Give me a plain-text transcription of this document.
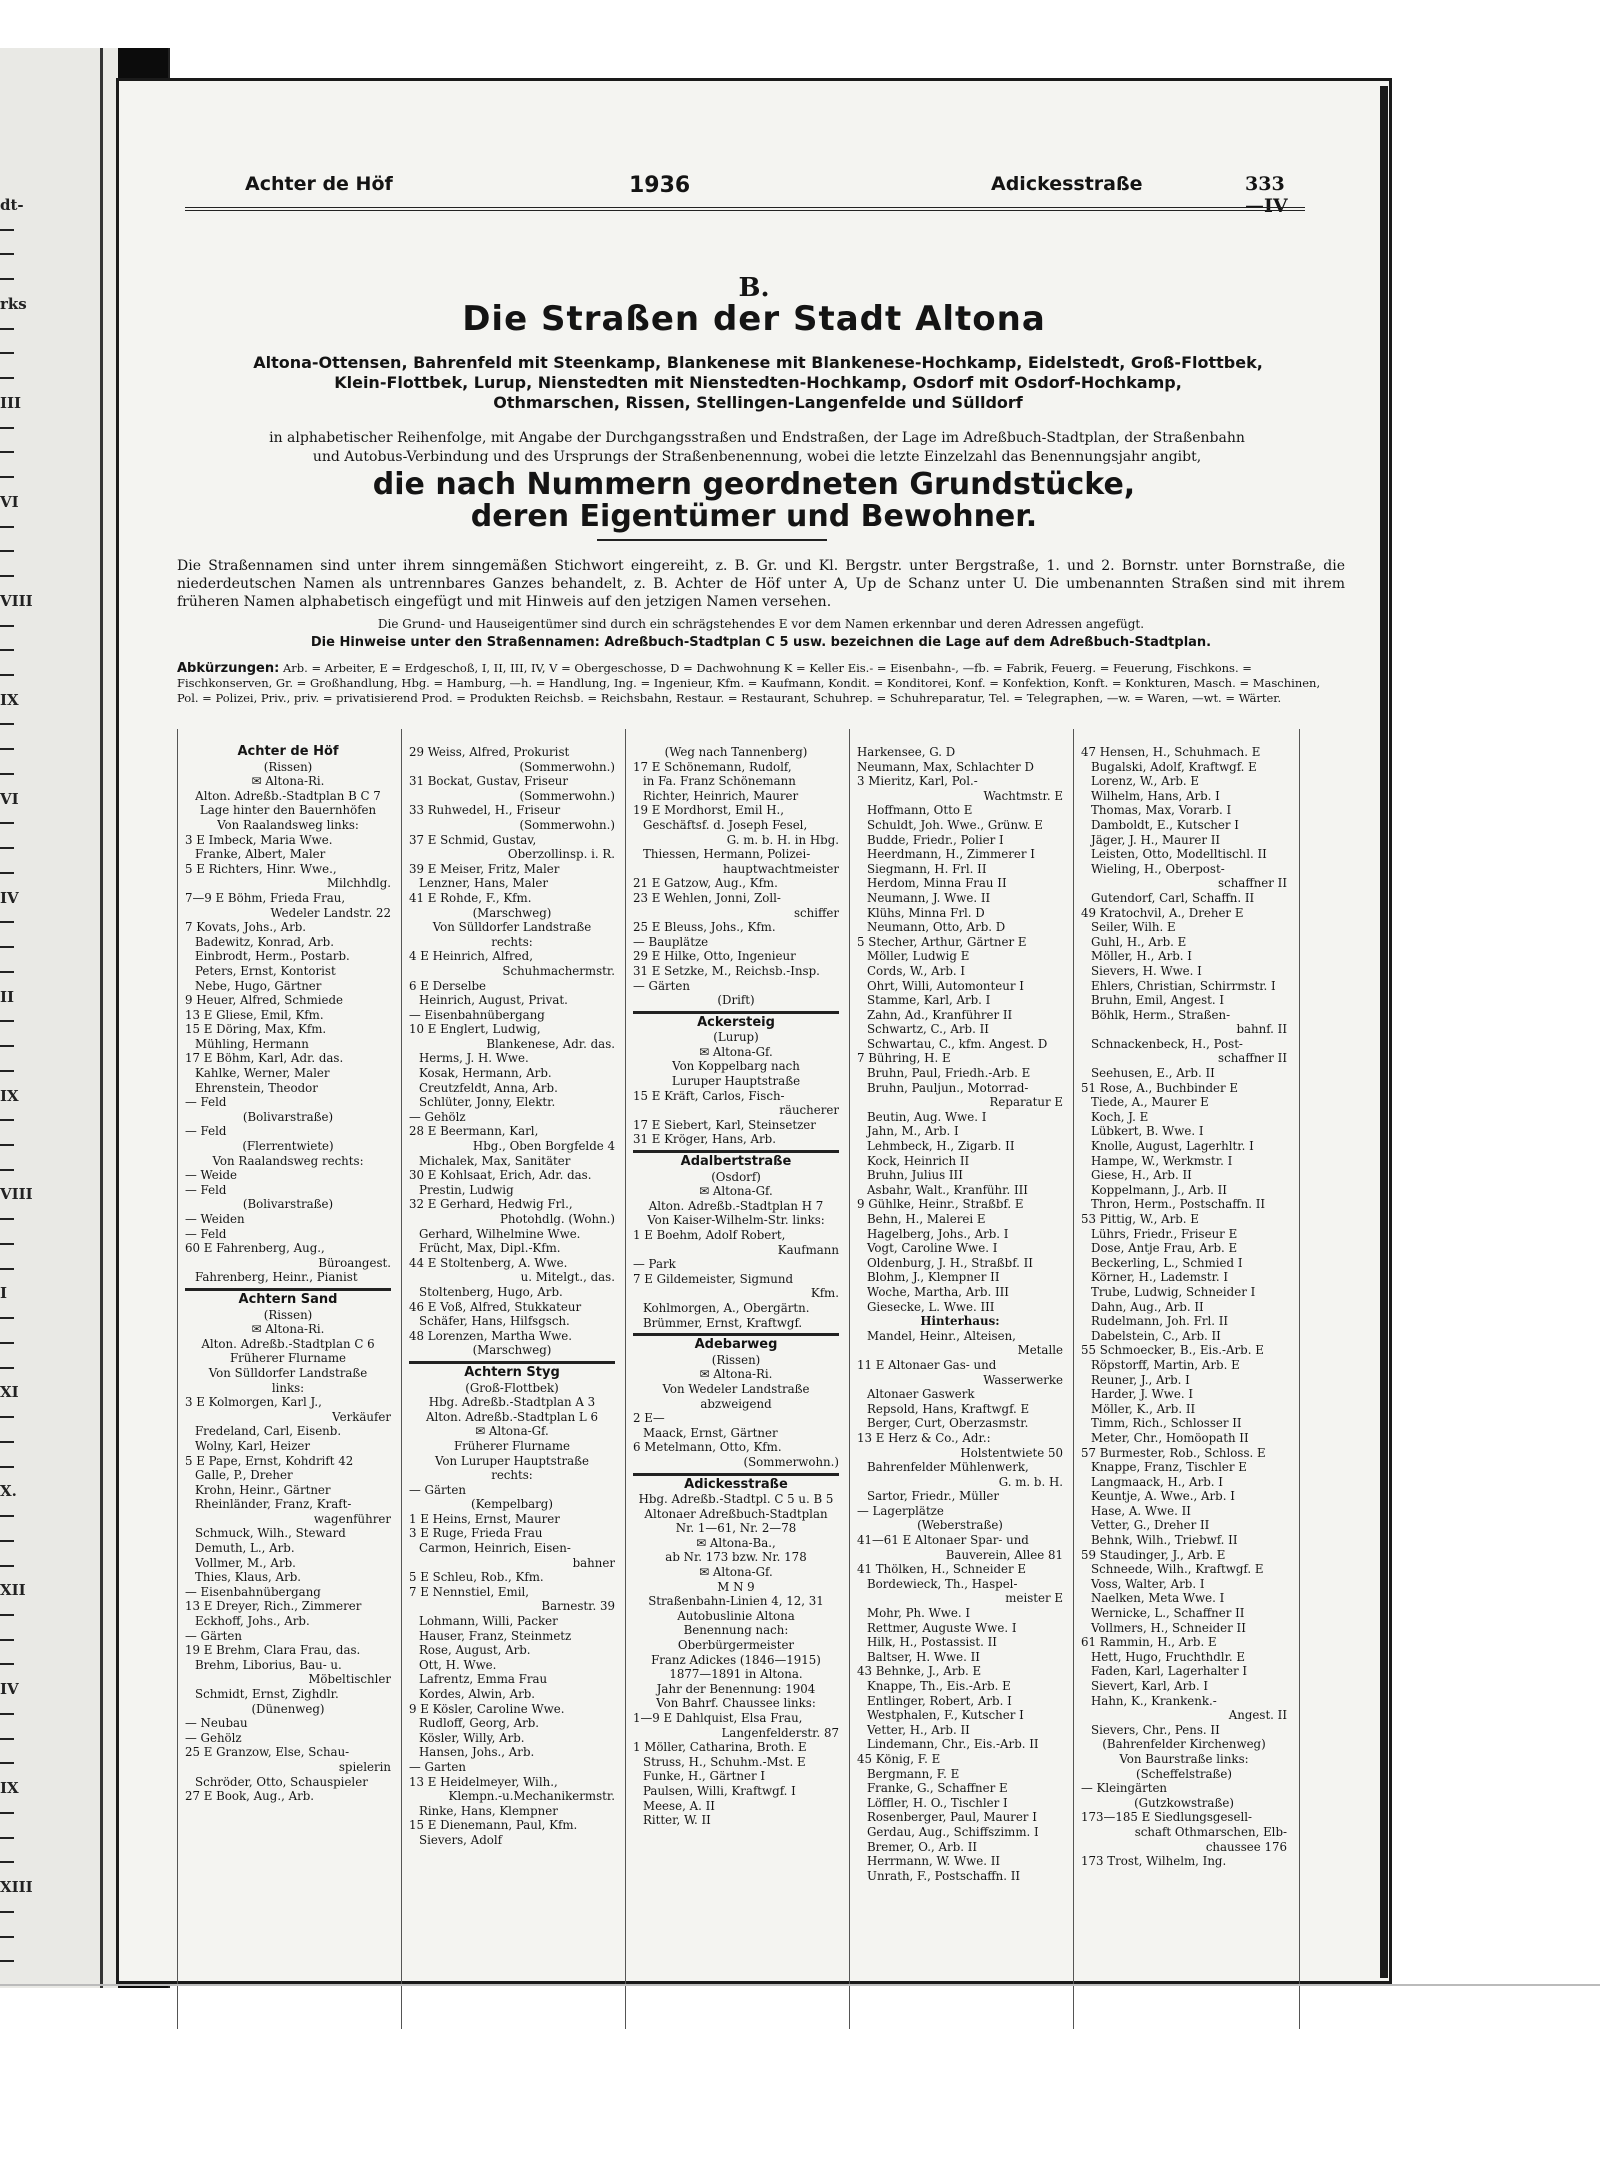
dt-
rks
III
VI
VIII
IX
VI
IV
II
IX
VIII
I
XI
X.
XII
IV
IX
XIII
Achter de Höf	1936	Adickesstraße	333—IV
B.
Die Straßen der Stadt Altona
Altona-Ottensen, Bahrenfeld mit Steenkamp, Blankenese mit Blankenese-Hochkamp, Eidelstedt, Groß-Flottbek,
Klein-Flottbek, Lurup, Nienstedten mit Nienstedten-Hochkamp, Osdorf mit Osdorf-Hochkamp,
Othmarschen, Rissen, Stellingen-Langenfelde und Sülldorf
in alphabetischer Reihenfolge, mit Angabe der Durchgangsstraßen und Endstraßen, der Lage im Adreßbuch-Stadtplan, der Straßenbahn
und Autobus-Verbindung und des Ursprungs der Straßenbenennung, wobei die letzte Einzelzahl das Benennungsjahr angibt,
die nach Nummern geordneten Grundstücke,
deren Eigentümer und Bewohner.
Die Straßennamen sind unter ihrem sinngemäßen Stichwort eingereiht, z. B. Gr. und Kl. Bergstr. unter Bergstraße, 1. und 2. Bornstr. unter Bornstraße, die niederdeutschen Namen als untrennbares Ganzes behandelt, z. B. Achter de Höf unter A, Up de Schanz unter U. Die umbenannten Straßen sind mit ihrem früheren Namen alphabetisch eingefügt und mit Hinweis auf den jetzigen Namen versehen.
Die Grund- und Hauseigentümer sind durch ein schrägstehendes E vor dem Namen erkennbar und deren Adressen angefügt.
Die Hinweise unter den Straßennamen: Adreßbuch-Stadtplan C 5 usw. bezeichnen die Lage auf dem Adreßbuch-Stadtplan.
Abkürzungen: Arb. = Arbeiter, E = Erdgeschoß, I, II, III, IV, V = Obergeschosse, D = Dachwohnung K = Keller Eis.- = Eisenbahn-, —fb. = Fabrik, Feuerg. = Feuerung, Fischkons. = Fischkonserven, Gr. = Großhandlung, Hbg. = Hamburg, —h. = Handlung, Ing. = Ingenieur, Kfm. = Kaufmann, Kondit. = Konditorei, Konf. = Konfektion, Konft. = Konkturen, Masch. = Maschinen, Pol. = Polizei, Priv., priv. = privatisierend Prod. = Produkten Reichsb. = Reichsbahn, Restaur. = Restaurant, Schuhrep. = Schuhreparatur, Tel. = Telegraphen, —w. = Waren, —wt. = Wärter.
Achter de Höf
(Rissen)
✉ Altona-Ri.
Alton. Adreßb.-Stadtplan B C 7
Lage hinter den Bauernhöfen
Von Raalandsweg links:
3 E Imbeck, Maria Wwe.
Franke, Albert, Maler
5 E Richters, Hinr. Wwe.,
Milchhdlg.
7—9 E Böhm, Frieda Frau,
Wedeler Landstr. 22
7 Kovats, Johs., Arb.
Badewitz, Konrad, Arb.
Einbrodt, Herm., Postarb.
Peters, Ernst, Kontorist
Nebe, Hugo, Gärtner
9 Heuer, Alfred, Schmiede
13 E Gliese, Emil, Kfm.
15 E Döring, Max, Kfm.
Mühling, Hermann
17 E Böhm, Karl, Adr. das.
Kahlke, Werner, Maler
Ehrenstein, Theodor
— Feld
(Bolivarstraße)
— Feld
(Flerrentwiete)
Von Raalandsweg rechts:
— Weide
— Feld
(Bolivarstraße)
— Weiden
— Feld
60 E Fahrenberg, Aug.,
Büroangest.
Fahrenberg, Heinr., Pianist
Achtern Sand
(Rissen)
✉ Altona-Ri.
Alton. Adreßb.-Stadtplan C 6
Früherer Flurname
Von Sülldorfer Landstraße
links:
3 E Kolmorgen, Karl J.,
Verkäufer
Fredeland, Carl, Eisenb.
Wolny, Karl, Heizer
5 E Pape, Ernst, Kohdrift 42
Galle, P., Dreher
Krohn, Heinr., Gärtner
Rheinländer, Franz, Kraft-
wagenführer
Schmuck, Wilh., Steward
Demuth, L., Arb.
Vollmer, M., Arb.
Thies, Klaus, Arb.
— Eisenbahnübergang
13 E Dreyer, Rich., Zimmerer
Eckhoff, Johs., Arb.
— Gärten
19 E Brehm, Clara Frau, das.
Brehm, Liborius, Bau- u.
Möbeltischler
Schmidt, Ernst, Zighdlr.
(Dünenweg)
— Neubau
— Gehölz
25 E Granzow, Else, Schau-
spielerin
Schröder, Otto, Schauspieler
27 E Book, Aug., Arb.
29 Weiss, Alfred, Prokurist
(Sommerwohn.)
31 Bockat, Gustav, Friseur
(Sommerwohn.)
33 Ruhwedel, H., Friseur
(Sommerwohn.)
37 E Schmid, Gustav,
Oberzollinsp. i. R.
39 E Meiser, Fritz, Maler
Lenzner, Hans, Maler
41 E Rohde, F., Kfm.
(Marschweg)
Von Sülldorfer Landstraße
rechts:
4 E Heinrich, Alfred,
Schuhmachermstr.
6 E Derselbe
Heinrich, August, Privat.
— Eisenbahnübergang
10 E Englert, Ludwig,
Blankenese, Adr. das.
Herms, J. H. Wwe.
Kosak, Hermann, Arb.
Creutzfeldt, Anna, Arb.
Schlüter, Jonny, Elektr.
— Gehölz
28 E Beermann, Karl,
Hbg., Oben Borgfelde 4
Michalek, Max, Sanitäter
30 E Kohlsaat, Erich, Adr. das.
Prestin, Ludwig
32 E Gerhard, Hedwig Frl.,
Photohdlg. (Wohn.)
Gerhard, Wilhelmine Wwe.
Frücht, Max, Dipl.-Kfm.
44 E Stoltenberg, A. Wwe.
u. Mitelgt., das.
Stoltenberg, Hugo, Arb.
46 E Voß, Alfred, Stukkateur
Schäfer, Hans, Hilfsgsch.
48 Lorenzen, Martha Wwe.
(Marschweg)
Achtern Styg
(Groß-Flottbek)
Hbg. Adreßb.-Stadtplan A 3
Alton. Adreßb.-Stadtplan L 6
✉ Altona-Gf.
Früherer Flurname
Von Luruper Hauptstraße
rechts:
— Gärten
(Kempelbarg)
1 E Heins, Ernst, Maurer
3 E Ruge, Frieda Frau
Carmon, Heinrich, Eisen-
bahner
5 E Schleu, Rob., Kfm.
7 E Nennstiel, Emil,
Barnestr. 39
Lohmann, Willi, Packer
Hauser, Franz, Steinmetz
Rose, August, Arb.
Ott, H. Wwe.
Lafrentz, Emma Frau
Kordes, Alwin, Arb.
9 E Kösler, Caroline Wwe.
Rudloff, Georg, Arb.
Kösler, Willy, Arb.
Hansen, Johs., Arb.
— Garten
13 E Heidelmeyer, Wilh.,
Klempn.-u.Mechanikermstr.
Rinke, Hans, Klempner
15 E Dienemann, Paul, Kfm.
Sievers, Adolf
(Weg nach Tannenberg)
17 E Schönemann, Rudolf,
in Fa. Franz Schönemann
Richter, Heinrich, Maurer
19 E Mordhorst, Emil H.,
Geschäftsf. d. Joseph Fesel,
G. m. b. H. in Hbg.
Thiessen, Hermann, Polizei-
hauptwachtmeister
21 E Gatzow, Aug., Kfm.
23 E Wehlen, Jonni, Zoll-
schiffer
25 E Bleuss, Johs., Kfm.
— Bauplätze
29 E Hilke, Otto, Ingenieur
31 E Setzke, M., Reichsb.-Insp.
— Gärten
(Drift)
Ackersteig
(Lurup)
✉ Altona-Gf.
Von Koppelbarg nach
Luruper Hauptstraße
15 E Kräft, Carlos, Fisch-
räucherer
17 E Siebert, Karl, Steinsetzer
31 E Kröger, Hans, Arb.
Adalbertstraße
(Osdorf)
✉ Altona-Gf.
Alton. Adreßb.-Stadtplan H 7
Von Kaiser-Wilhelm-Str. links:
1 E Boehm, Adolf Robert,
Kaufmann
— Park
7 E Gildemeister, Sigmund
Kfm.
Kohlmorgen, A., Obergärtn.
Brümmer, Ernst, Kraftwgf.
Adebarweg
(Rissen)
✉ Altona-Ri.
Von Wedeler Landstraße
abzweigend
2 E—
Maack, Ernst, Gärtner
6 Metelmann, Otto, Kfm.
(Sommerwohn.)
Adickesstraße
Hbg. Adreßb.-Stadtpl. C 5 u. B 5
Altonaer Adreßbuch-Stadtplan
Nr. 1—61, Nr. 2—78
✉ Altona-Ba.,
ab Nr. 173 bzw. Nr. 178
✉ Altona-Gf.
M N 9
Straßenbahn-Linien 4, 12, 31
Autobuslinie Altona
Benennung nach:
Oberbürgermeister
Franz Adickes (1846—1915)
1877—1891 in Altona.
Jahr der Benennung: 1904
Von Bahrf. Chaussee links:
1—9 E Dahlquist, Elsa Frau,
Langenfelderstr. 87
1 Möller, Catharina, Broth. E
Struss, H., Schuhm.-Mst. E
Funke, H., Gärtner I
Paulsen, Willi, Kraftwgf. I
Meese, A. II
Ritter, W. II
Harkensee, G. D
Neumann, Max, Schlachter D
3 Mieritz, Karl, Pol.-
Wachtmstr. E
Hoffmann, Otto E
Schuldt, Joh. Wwe., Grünw. E
Budde, Friedr., Polier I
Heerdmann, H., Zimmerer I
Siegmann, H. Frl. II
Herdom, Minna Frau II
Neumann, J. Wwe. II
Klühs, Minna Frl. D
Neumann, Otto, Arb. D
5 Stecher, Arthur, Gärtner E
Möller, Ludwig E
Cords, W., Arb. I
Ohrt, Willi, Automonteur I
Stamme, Karl, Arb. I
Zahn, Ad., Kranführer II
Schwartz, C., Arb. II
Schwartau, C., kfm. Angest. D
7 Bühring, H. E
Bruhn, Paul, Friedh.-Arb. E
Bruhn, Pauljun., Motorrad-
Reparatur E
Beutin, Aug. Wwe. I
Jahn, M., Arb. I
Lehmbeck, H., Zigarb. II
Kock, Heinrich II
Bruhn, Julius III
Asbahr, Walt., Kranführ. III
9 Gühlke, Heinr., Straßbf. E
Behn, H., Malerei E
Hagelberg, Johs., Arb. I
Vogt, Caroline Wwe. I
Oldenburg, J. H., Straßbf. II
Blohm, J., Klempner II
Woche, Martha, Arb. III
Giesecke, L. Wwe. III
Hinterhaus:
Mandel, Heinr., Alteisen,
Metalle
11 E Altonaer Gas- und
Wasserwerke
Altonaer Gaswerk
Repsold, Hans, Kraftwgf. E
Berger, Curt, Oberzasmstr.
13 E Herz & Co., Adr.:
Holstentwiete 50
Bahrenfelder Mühlenwerk,
G. m. b. H.
Sartor, Friedr., Müller
— Lagerplätze
(Weberstraße)
41—61 E Altonaer Spar- und
Bauverein, Allee 81
41 Thölken, H., Schneider E
Bordewieck, Th., Haspel-
meister E
Mohr, Ph. Wwe. I
Rettmer, Auguste Wwe. I
Hilk, H., Postassist. II
Baltser, H. Wwe. II
43 Behnke, J., Arb. E
Knappe, Th., Eis.-Arb. E
Entlinger, Robert, Arb. I
Westphalen, F., Kutscher I
Vetter, H., Arb. II
Lindemann, Chr., Eis.-Arb. II
45 König, F. E
Bergmann, F. E
Franke, G., Schaffner E
Löffler, H. O., Tischler I
Rosenberger, Paul, Maurer I
Gerdau, Aug., Schiffszimm. I
Bremer, O., Arb. II
Herrmann, W. Wwe. II
Unrath, F., Postschaffn. II
47 Hensen, H., Schuhmach. E
Bugalski, Adolf, Kraftwgf. E
Lorenz, W., Arb. E
Wilhelm, Hans, Arb. I
Thomas, Max, Vorarb. I
Damboldt, E., Kutscher I
Jäger, J. H., Maurer II
Leisten, Otto, Modelltischl. II
Wieling, H., Oberpost-
schaffner II
Gutendorf, Carl, Schaffn. II
49 Kratochvil, A., Dreher E
Seiler, Wilh. E
Guhl, H., Arb. E
Möller, H., Arb. I
Sievers, H. Wwe. I
Ehlers, Christian, Schirrmstr. I
Bruhn, Emil, Angest. I
Böhlk, Herm., Straßen-
bahnf. II
Schnackenbeck, H., Post-
schaffner II
Seehusen, E., Arb. II
51 Rose, A., Buchbinder E
Tiede, A., Maurer E
Koch, J. E
Lübkert, B. Wwe. I
Knolle, August, Lagerhltr. I
Hampe, W., Werkmstr. I
Giese, H., Arb. II
Koppelmann, J., Arb. II
Thron, Herm., Postschaffn. II
53 Pittig, W., Arb. E
Lührs, Friedr., Friseur E
Dose, Antje Frau, Arb. E
Beckerling, L., Schmied I
Körner, H., Lademstr. I
Trube, Ludwig, Schneider I
Dahn, Aug., Arb. II
Rudelmann, Joh. Frl. II
Dabelstein, C., Arb. II
55 Schmoecker, B., Eis.-Arb. E
Röpstorff, Martin, Arb. E
Reuner, J., Arb. I
Harder, J. Wwe. I
Möller, K., Arb. II
Timm, Rich., Schlosser II
Meter, Chr., Homöopath II
57 Burmester, Rob., Schloss. E
Knappe, Franz, Tischler E
Langmaack, H., Arb. I
Keuntje, A. Wwe., Arb. I
Hase, A. Wwe. II
Vetter, G., Dreher II
Behnk, Wilh., Triebwf. II
59 Staudinger, J., Arb. E
Schneede, Wilh., Kraftwgf. E
Voss, Walter, Arb. I
Naelken, Meta Wwe. I
Wernicke, L., Schaffner II
Vollmers, H., Schneider II
61 Rammin, H., Arb. E
Hett, Hugo, Fruchthdlr. E
Faden, Karl, Lagerhalter I
Sievert, Karl, Arb. I
Hahn, K., Krankenk.-
Angest. II
Sievers, Chr., Pens. II
(Bahrenfelder Kirchenweg)
Von Baurstraße links:
(Scheffelstraße)
— Kleingärten
(Gutzkowstraße)
173—185 E Siedlungsgesell-
schaft Othmarschen, Elb-
chaussee 176
173 Trost, Wilhelm, Ing.
